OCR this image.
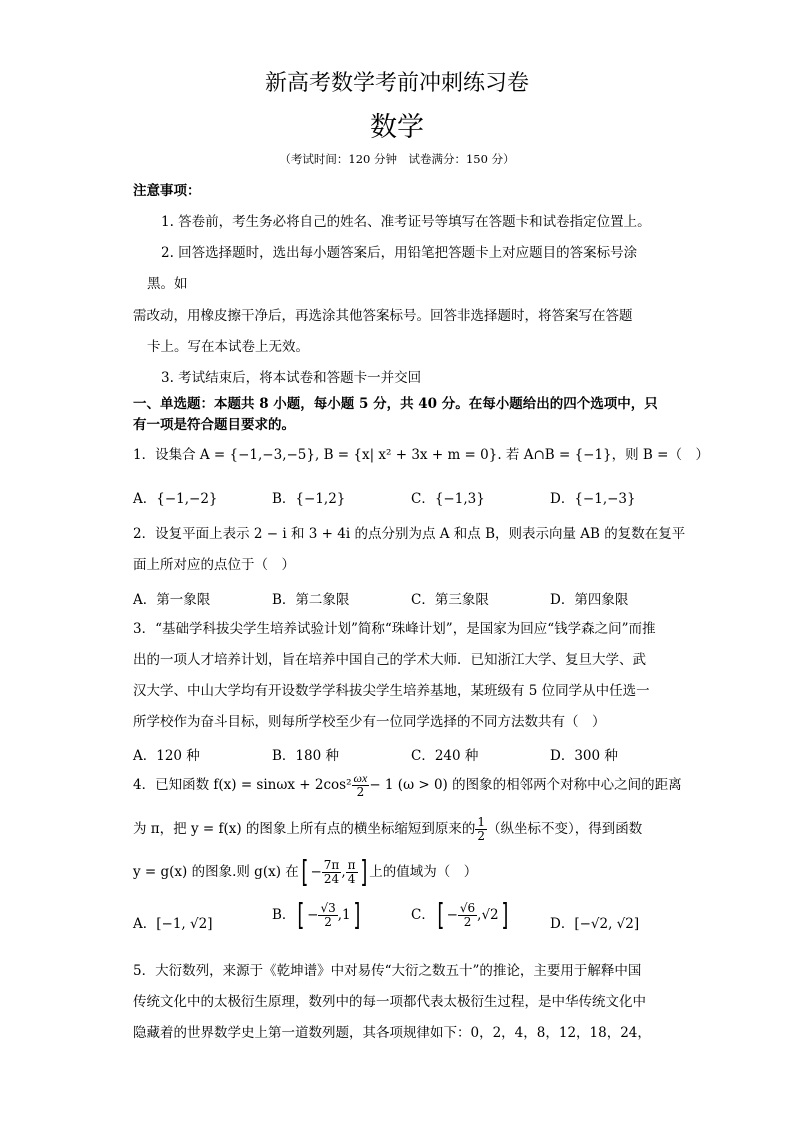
新高考数学考前冲刺练习卷
数学
（考试时间：120 分钟　试卷满分：150 分）
注意事项：
1. 答卷前，考生务必将自己的姓名、准考证号等填写在答题卡和试卷指定位置上。
2. 回答选择题时，选出每小题答案后，用铅笔把答题卡上对应题目的答案标号涂
黑。如
需改动，用橡皮擦干净后，再选涂其他答案标号。回答非选择题时，将答案写在答题
卡上。写在本试卷上无效。
3. 考试结束后，将本试卷和答题卡一并交回
一、单选题：本题共 8 小题，每小题 5 分，共 40 分。在每小题给出的四个选项中，只
有一项是符合题目要求的。
1．设集合 A = {−1,−3,−5}, B = {x| x² + 3x + m = 0}. 若 A∩B = {−1}，则 B =（　）
A．{−1,−2}	B．{−1,2}	C．{−1,3}	D．{−1,−3}
2．设复平面上表示 2 − i 和 3 + 4i 的点分别为点 A 和点 B，则表示向量 AB 的复数在复平
面上所对应的点位于（　）
A．第一象限	B．第二象限	C．第三象限	D．第四象限
3．“基础学科拔尖学生培养试验计划”简称“珠峰计划”，是国家为回应“钱学森之问”而推
出的一项人才培养计划，旨在培养中国自己的学术大师．已知浙江大学、复旦大学、武
汉大学、中山大学均有开设数学学科拔尖学生培养基地，某班级有 5 位同学从中任选一
所学校作为奋斗目标，则每所学校至少有一位同学选择的不同方法数共有（　）
A．120 种	B．180 种	C．240 种	D．300 种
4．已知函数 $f(x) = \sin\omega x + 2\cos^2 \frac{\omega x}{2} - 1$ (ω > 0) 的图象的相邻两个对称中心之间的距离
为 π，把 y = f(x) 的图象上所有点的横坐标缩短到原来的 $\frac{1}{2}$ （纵坐标不变），得到函数
y = g(x) 的图象.则 g(x) 在[ − $\frac{7\pi}{24}$ , $\frac{\pi}{4}$ ] 上的值域为（　）
A．[−1, √2]
B．[ − $\frac{√3}{2} ,1$]	C．[ − $\frac{√6}{2} ,√2$]	D．[−√2, √2]
5．大衍数列，来源于《乾坤谱》中对易传“大衍之数五十”的推论，主要用于解释中国
传统文化中的太极衍生原理，数列中的每一项都代表太极衍生过程，是中华传统文化中
隐藏着的世界数学史上第一道数列题，其各项规律如下：0，2，4，8，12，18，24，
